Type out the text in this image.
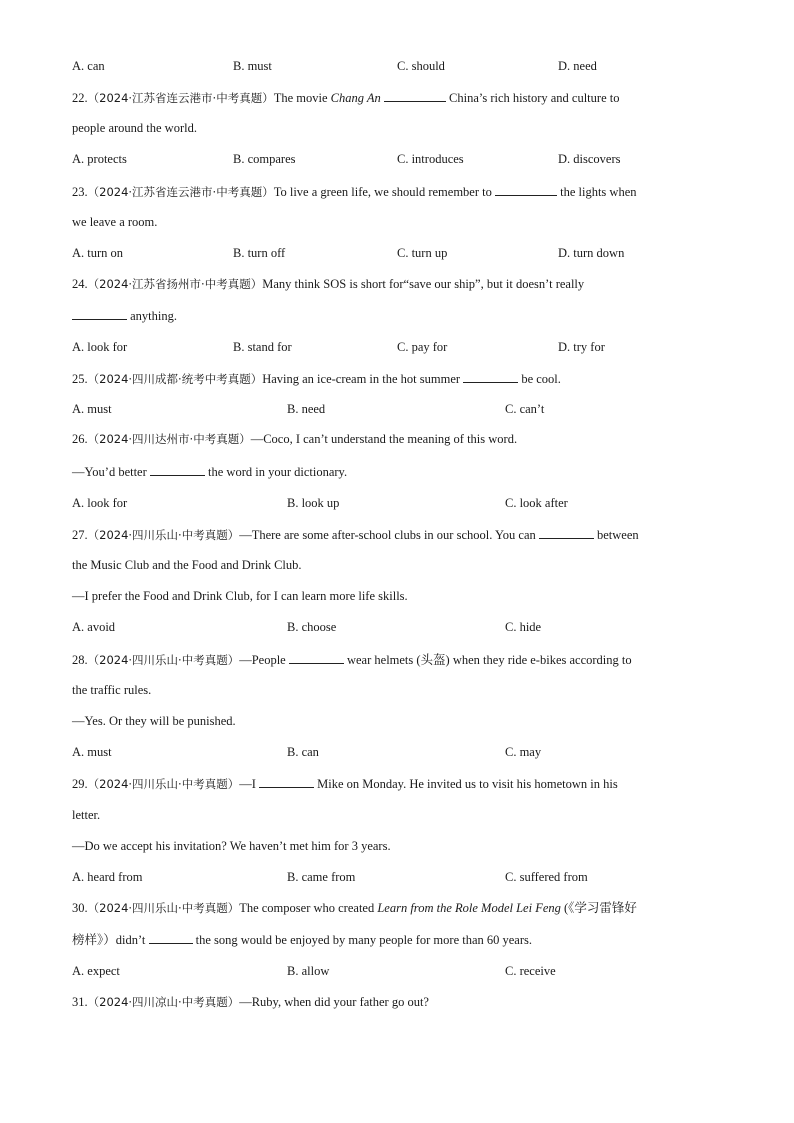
A. can	B. must	C. should	D. need
22.（2024·江苏省连云港市·中考真题）The movie Chang An	China’s rich history and culture to
people around the world.
A. protects	B. compares	C. introduces	D. discovers
23.（2024·江苏省连云港市·中考真题）To live a green life, we should remember to	the lights when
we leave a room.
A. turn on	B. turn off	C. turn up	D. turn down
24.（2024·江苏省扬州市·中考真题）Many think SOS is short for“save our ship”, but it doesn’t really
anything.
A. look for	B. stand for	C. pay for	D. try for
25.（2024·四川成都·统考中考真题）Having an ice-cream in the hot summer	be cool.
A. must	B. need	C. can’t
26.（2024·四川达州市·中考真题）—Coco, I can’t understand the meaning of this word.
—You’d better	the word in your dictionary.
A. look for	B. look up	C. look after
27.（2024·四川乐山·中考真题）—There are some after-school clubs in our school. You can	between
the Music Club and the Food and Drink Club.
—I prefer the Food and Drink Club, for I can learn more life skills.
A. avoid	B. choose	C. hide
28.（2024·四川乐山·中考真题）—People	wear helmets (头盔) when they ride e-bikes according to
the traffic rules.
—Yes. Or they will be punished.
A. must	B. can	C. may
29.（2024·四川乐山·中考真题）—I	Mike on Monday. He invited us to visit his hometown in his
letter.
—Do we accept his invitation? We haven’t met him for 3 years.
A. heard from	B. came from	C. suffered from
30.（2024·四川乐山·中考真题）The composer who created Learn from the Role Model Lei Feng (《学习雷锋好
榜样》）didn’t	the song would be enjoyed by many people for more than 60 years.
A. expect	B. allow	C. receive
31.（2024·四川凉山·中考真题）—Ruby, when did your father go out?
